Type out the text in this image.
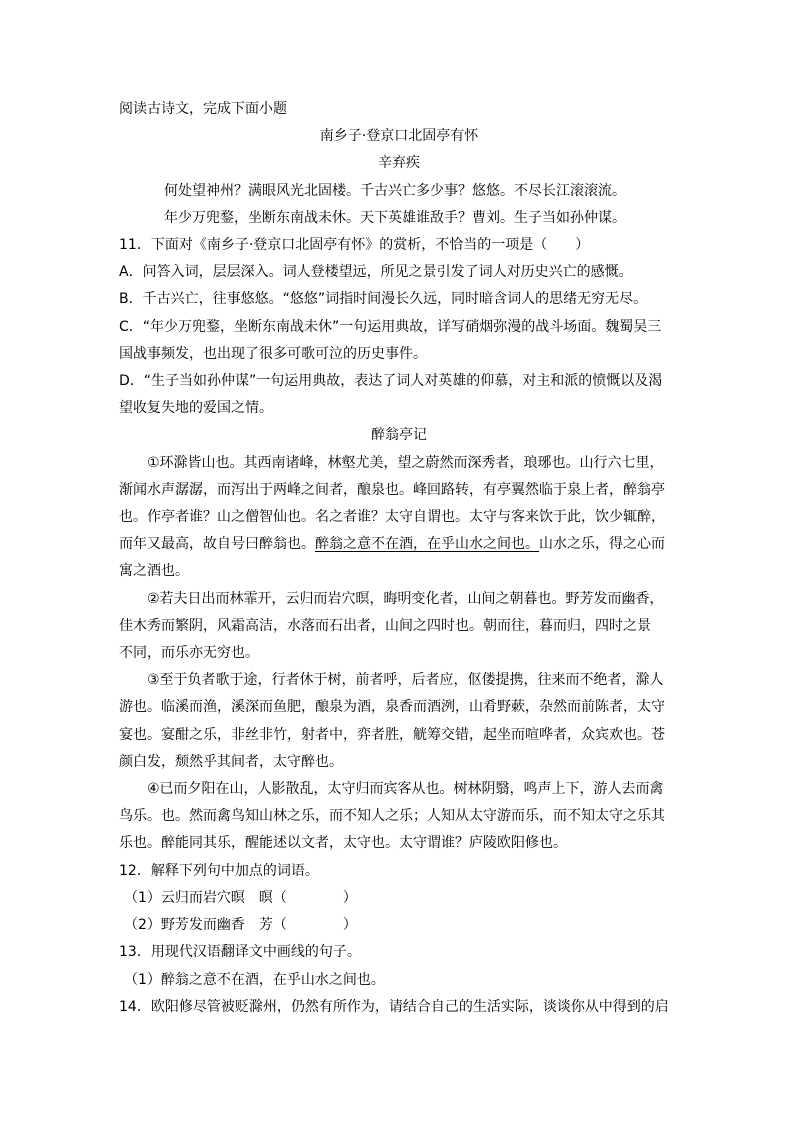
阅读古诗文，完成下面小题
南乡子·登京口北固亭有怀
辛弃疾
何处望神州？满眼风光北固楼。千古兴亡多少事？悠悠。不尽长江滚滚流。
年少万兜鍪，坐断东南战未休。天下英雄谁敌手？曹刘。生子当如孙仲谋。
11．下面对《南乡子·登京口北固亭有怀》的赏析，不恰当的一项是（　　）
A．问答入词，层层深入。词人登楼望远，所见之景引发了词人对历史兴亡的感慨。
B．千古兴亡，往事悠悠。“悠悠”词指时间漫长久远，同时暗含词人的思绪无穷无尽。
C．“年少万兜鍪，坐断东南战未休”一句运用典故，详写硝烟弥漫的战斗场面。魏蜀吴三
国战事频发，也出现了很多可歌可泣的历史事件。
D．“生子当如孙仲谋”一句运用典故，表达了词人对英雄的仰慕，对主和派的愤慨以及渴
望收复失地的爱国之情。
醉翁亭记
①环滁皆山也。其西南诸峰，林壑尤美，望之蔚然而深秀者，琅琊也。山行六七里，
渐闻水声潺潺，而泻出于两峰之间者，酿泉也。峰回路转，有亭翼然临于泉上者，醉翁亭
也。作亭者谁？山之僧智仙也。名之者谁？太守自谓也。太守与客来饮于此，饮少辄醉，
而年又最高，故自号曰醉翁也。醉翁之意不在酒，在乎山水之间也。山水之乐，得之心而
寓之酒也。
②若夫日出而林霏开，云归而岩穴暝，晦明变化者，山间之朝暮也。野芳发而幽香，
佳木秀而繁阴，风霜高洁，水落而石出者，山间之四时也。朝而往，暮而归，四时之景
不同，而乐亦无穷也。
③至于负者歌于途，行者休于树，前者呼，后者应，伛偻提携，往来而不绝者，滁人
游也。临溪而渔，溪深而鱼肥，酿泉为酒，泉香而酒洌，山肴野蔌，杂然而前陈者，太守
宴也。宴酣之乐，非丝非竹，射者中，弈者胜，觥筹交错，起坐而喧哗者，众宾欢也。苍
颜白发，颓然乎其间者，太守醉也。
④已而夕阳在山，人影散乱，太守归而宾客从也。树林阴翳，鸣声上下，游人去而禽
鸟乐。也。然而禽鸟知山林之乐，而不知人之乐；人知从太守游而乐，而不知太守之乐其
乐也。醉能同其乐，醒能述以文者，太守也。太守谓谁？庐陵欧阳修也。
12．解释下列句中加点的词语。
（1）云归而岩穴暝　暝（　　　　）
（2）野芳发而幽香　芳（　　　　）
13．用现代汉语翻译文中画线的句子。
（1）醉翁之意不在酒，在乎山水之间也。
14．欧阳修尽管被贬滁州，仍然有所作为，请结合自己的生活实际，谈谈你从中得到的启
